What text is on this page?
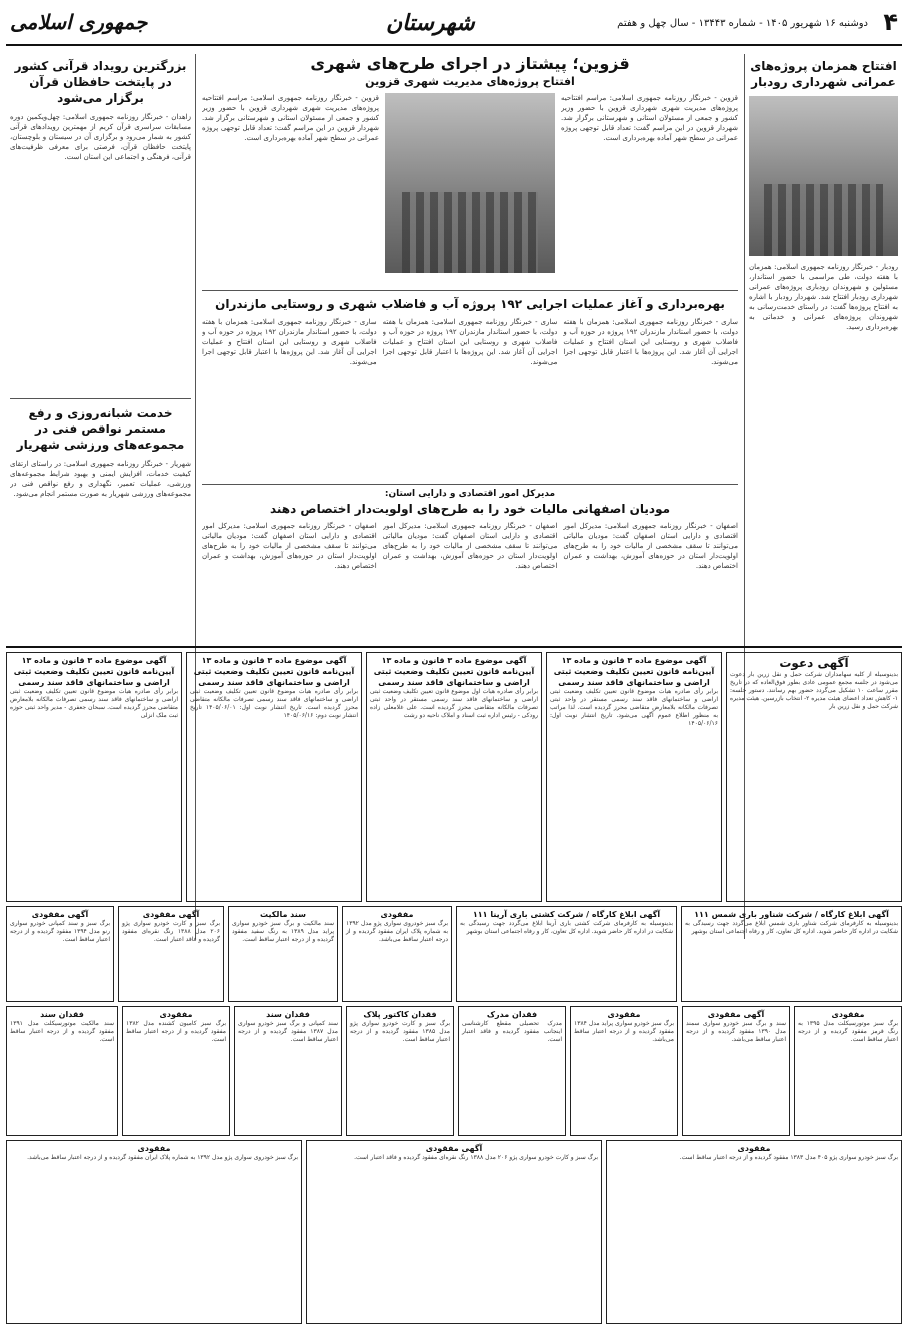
۴
دوشنبه ۱۶ شهریور ۱۴۰۵ - شماره ۱۳۴۴۳ - سال چهل و هفتم
شهرستان
جمهوری اسلامی
افتتاح همزمان پروژه‌های عمرانی شهرداری رودبار
رودبار - خبرنگار روزنامه جمهوری اسلامی: همزمان با هفته دولت، طی مراسمی با حضور استاندار، مسئولین و شهروندان رودباری پروژه‌های عمرانی شهرداری رودبار افتتاح شد. شهردار رودبار با اشاره به افتتاح پروژه‌ها گفت: در راستای خدمت‌رسانی به شهروندان پروژه‌های عمرانی و خدماتی به بهره‌برداری رسید.
بزرگترین رویداد قرآنی کشور در پایتخت حافظان قرآن برگزار می‌شود
زاهدان - خبرنگار روزنامه جمهوری اسلامی: چهل‌ویکمین دوره مسابقات سراسری قرآن کریم از مهمترین رویدادهای قرآنی کشور به شمار می‌رود و برگزاری آن در سیستان و بلوچستان، پایتخت حافظان قرآن، فرصتی برای معرفی ظرفیت‌های قرآنی، فرهنگی و اجتماعی این استان است.
خدمت شبانه‌روزی و رفع مستمر نواقص فنی در مجموعه‌های ورزشی شهریار
شهریار - خبرنگار روزنامه جمهوری اسلامی: در راستای ارتقای کیفیت خدمات، افزایش ایمنی و بهبود شرایط مجموعه‌های ورزشی، عملیات تعمیر، نگهداری و رفع نواقص فنی در مجموعه‌های ورزشی شهریار به صورت مستمر انجام می‌شود.
قزوین؛ پیشتاز در اجرای طرح‌های شهری
افتتاح پروژه‌های مدیریت شهری قزوین
قزوین - خبرنگار روزنامه جمهوری اسلامی: مراسم افتتاحیه پروژه‌های مدیریت شهری شهرداری قزوین با حضور وزیر کشور و جمعی از مسئولان استانی و شهرستانی برگزار شد. شهردار قزوین در این مراسم گفت: تعداد قابل توجهی پروژه عمرانی در سطح شهر آماده بهره‌برداری است.
قزوین - خبرنگار روزنامه جمهوری اسلامی: مراسم افتتاحیه پروژه‌های مدیریت شهری شهرداری قزوین با حضور وزیر کشور و جمعی از مسئولان استانی و شهرستانی برگزار شد. شهردار قزوین در این مراسم گفت: تعداد قابل توجهی پروژه عمرانی در سطح شهر آماده بهره‌برداری است.
بهره‌برداری و آغاز عملیات اجرایی ۱۹۲ پروژه آب و فاضلاب شهری و روستایی مازندران
ساری - خبرنگار روزنامه جمهوری اسلامی: همزمان با هفته دولت، با حضور استاندار مازندران ۱۹۲ پروژه در حوزه آب و فاضلاب شهری و روستایی این استان افتتاح و عملیات اجرایی آن آغاز شد. این پروژه‌ها با اعتبار قابل توجهی اجرا می‌شوند.
ساری - خبرنگار روزنامه جمهوری اسلامی: همزمان با هفته دولت، با حضور استاندار مازندران ۱۹۲ پروژه در حوزه آب و فاضلاب شهری و روستایی این استان افتتاح و عملیات اجرایی آن آغاز شد. این پروژه‌ها با اعتبار قابل توجهی اجرا می‌شوند.
ساری - خبرنگار روزنامه جمهوری اسلامی: همزمان با هفته دولت، با حضور استاندار مازندران ۱۹۲ پروژه در حوزه آب و فاضلاب شهری و روستایی این استان افتتاح و عملیات اجرایی آن آغاز شد. این پروژه‌ها با اعتبار قابل توجهی اجرا می‌شوند.
مدیرکل امور اقتصادی و دارایی استان:
مودیان اصفهانی مالیات خود را به طرح‌های اولویت‌دار اختصاص دهند
اصفهان - خبرنگار روزنامه جمهوری اسلامی: مدیرکل امور اقتصادی و دارایی استان اصفهان گفت: مودیان مالیاتی می‌توانند تا سقف مشخصی از مالیات خود را به طرح‌های اولویت‌دار استان در حوزه‌های آموزش، بهداشت و عمران اختصاص دهند.
اصفهان - خبرنگار روزنامه جمهوری اسلامی: مدیرکل امور اقتصادی و دارایی استان اصفهان گفت: مودیان مالیاتی می‌توانند تا سقف مشخصی از مالیات خود را به طرح‌های اولویت‌دار استان در حوزه‌های آموزش، بهداشت و عمران اختصاص دهند.
اصفهان - خبرنگار روزنامه جمهوری اسلامی: مدیرکل امور اقتصادی و دارایی استان اصفهان گفت: مودیان مالیاتی می‌توانند تا سقف مشخصی از مالیات خود را به طرح‌های اولویت‌دار استان در حوزه‌های آموزش، بهداشت و عمران اختصاص دهند.
آگهی دعوت
بدینوسیله از کلیه سهامداران شرکت حمل و نقل زرین بار دعوت می‌شود در جلسه مجمع عمومی عادی بطور فوق‌العاده که در تاریخ مقرر ساعت ۱۰ تشکیل می‌گردد حضور بهم رسانند. دستور جلسه: ۱- کاهش تعداد اعضای هیئت مدیره ۲- انتخاب بازرسین. هیئت مدیره شرکت حمل و نقل زرین بار
آگهی موضوع ماده ۳ قانون و ماده ۱۳ آیین‌نامه قانون تعیین تکلیف وضعیت ثبتی اراضی و ساختمانهای فاقد سند رسمی
برابر رأی صادره هیات موضوع قانون تعیین تکلیف وضعیت ثبتی اراضی و ساختمانهای فاقد سند رسمی مستقر در واحد ثبتی تصرفات مالکانه بلامعارض متقاضی محرز گردیده است. لذا مراتب به منظور اطلاع عموم آگهی می‌شود. تاریخ انتشار نوبت اول: ۱۴۰۵/۰۶/۱۶
آگهی موضوع ماده ۳ قانون و ماده ۱۳ آیین‌نامه قانون تعیین تکلیف وضعیت ثبتی اراضی و ساختمانهای فاقد سند رسمی
برابر رأی صادره هیات اول موضوع قانون تعیین تکلیف وضعیت ثبتی اراضی و ساختمانهای فاقد سند رسمی مستقر در واحد ثبتی تصرفات مالکانه متقاضی محرز گردیده است. علی غلامعلی زاده رودکی - رئیس اداره ثبت اسناد و املاک ناحیه دو رشت
آگهی موضوع ماده ۳ قانون و ماده ۱۳ آیین‌نامه قانون تعیین تکلیف وضعیت ثبتی اراضی و ساختمانهای فاقد سند رسمی
برابر رأی صادره هیات موضوع قانون تعیین تکلیف وضعیت ثبتی اراضی و ساختمانهای فاقد سند رسمی تصرفات مالکانه متقاضی محرز گردیده است. تاریخ انتشار نوبت اول: ۱۴۰۵/۰۶/۰۱ تاریخ انتشار نوبت دوم: ۱۴۰۵/۰۶/۱۶
آگهی موضوع ماده ۳ قانون و ماده ۱۳ آیین‌نامه قانون تعیین تکلیف وضعیت ثبتی اراضی و ساختمانهای فاقد سند رسمی
برابر رأی صادره هیات موضوع قانون تعیین تکلیف وضعیت ثبتی اراضی و ساختمانهای فاقد سند رسمی تصرفات مالکانه بلامعارض متقاضی محرز گردیده است. سبحان جعفری - مدیر واحد ثبتی حوزه ثبت ملک انزلی
آگهی ابلاغ کارگاه / شرکت شناور باری شمس ۱۱۱
بدینوسیله به کارفرمای شرکت شناور باری شمس ابلاغ می‌گردد جهت رسیدگی به شکایت در اداره کار حاضر شوید. اداره کل تعاون، کار و رفاه اجتماعی استان بوشهر
آگهی ابلاغ کارگاه / شرکت کشتی باری آرینا ۱۱۱
بدینوسیله به کارفرمای شرکت کشتی باری آرینا ابلاغ می‌گردد جهت رسیدگی به شکایت در اداره کار حاضر شوید. اداره کل تعاون، کار و رفاه اجتماعی استان بوشهر
مفقودی
برگ سبز خودروی سواری پژو مدل ۱۳۹۲ به شماره پلاک ایران مفقود گردیده و از درجه اعتبار ساقط می‌باشد.
سند مالکیت
سند مالکیت و برگ سبز خودرو سواری پراید مدل ۱۳۸۹ به رنگ سفید مفقود گردیده و از درجه اعتبار ساقط است.
آگهی مفقودی
برگ سبز و کارت خودرو سواری پژو ۲۰۶ مدل ۱۳۸۸ رنگ نقره‌ای مفقود گردیده و فاقد اعتبار است.
آگهی مفقودی
برگ سبز و سند کمپانی خودرو سواری رنو مدل ۱۳۹۴ مفقود گردیده و از درجه اعتبار ساقط است.
مفقودی
برگ سبز موتورسیکلت مدل ۱۳۹۵ به رنگ قرمز مفقود گردیده و از درجه اعتبار ساقط است.
آگهی مفقودی
سند و برگ سبز خودرو سواری سمند مدل ۱۳۹۰ مفقود گردیده و از درجه اعتبار ساقط می‌باشد.
مفقودی
برگ سبز خودرو سواری پراید مدل ۱۳۸۴ مفقود گردیده و از درجه اعتبار ساقط می‌باشد.
فقدان مدرک
مدرک تحصیلی مقطع کارشناسی اینجانب مفقود گردیده و فاقد اعتبار است.
فقدان کاکتور پلاک
برگ سبز و کارت خودرو سواری پژو مدل ۱۳۸۵ مفقود گردیده و از درجه اعتبار ساقط است.
فقدان سند
سند کمپانی و برگ سبز خودرو سواری مدل ۱۳۸۷ مفقود گردیده و از درجه اعتبار ساقط است.
مفقودی
برگ سبز کامیون کشنده مدل ۱۳۸۲ مفقود گردیده و از درجه اعتبار ساقط است.
فقدان سند
سند مالکیت موتورسیکلت مدل ۱۳۹۱ مفقود گردیده و از درجه اعتبار ساقط است.
مفقودی
برگ سبز خودرو سواری پژو ۴۰۵ مدل ۱۳۸۳ مفقود گردیده و از درجه اعتبار ساقط است.
آگهی مفقودی
برگ سبز و کارت خودرو سواری پژو ۲۰۶ مدل ۱۳۸۸ رنگ نقره‌ای مفقود گردیده و فاقد اعتبار است.
مفقودی
برگ سبز خودروی سواری پژو مدل ۱۳۹۲ به شماره پلاک ایران مفقود گردیده و از درجه اعتبار ساقط می‌باشد.
